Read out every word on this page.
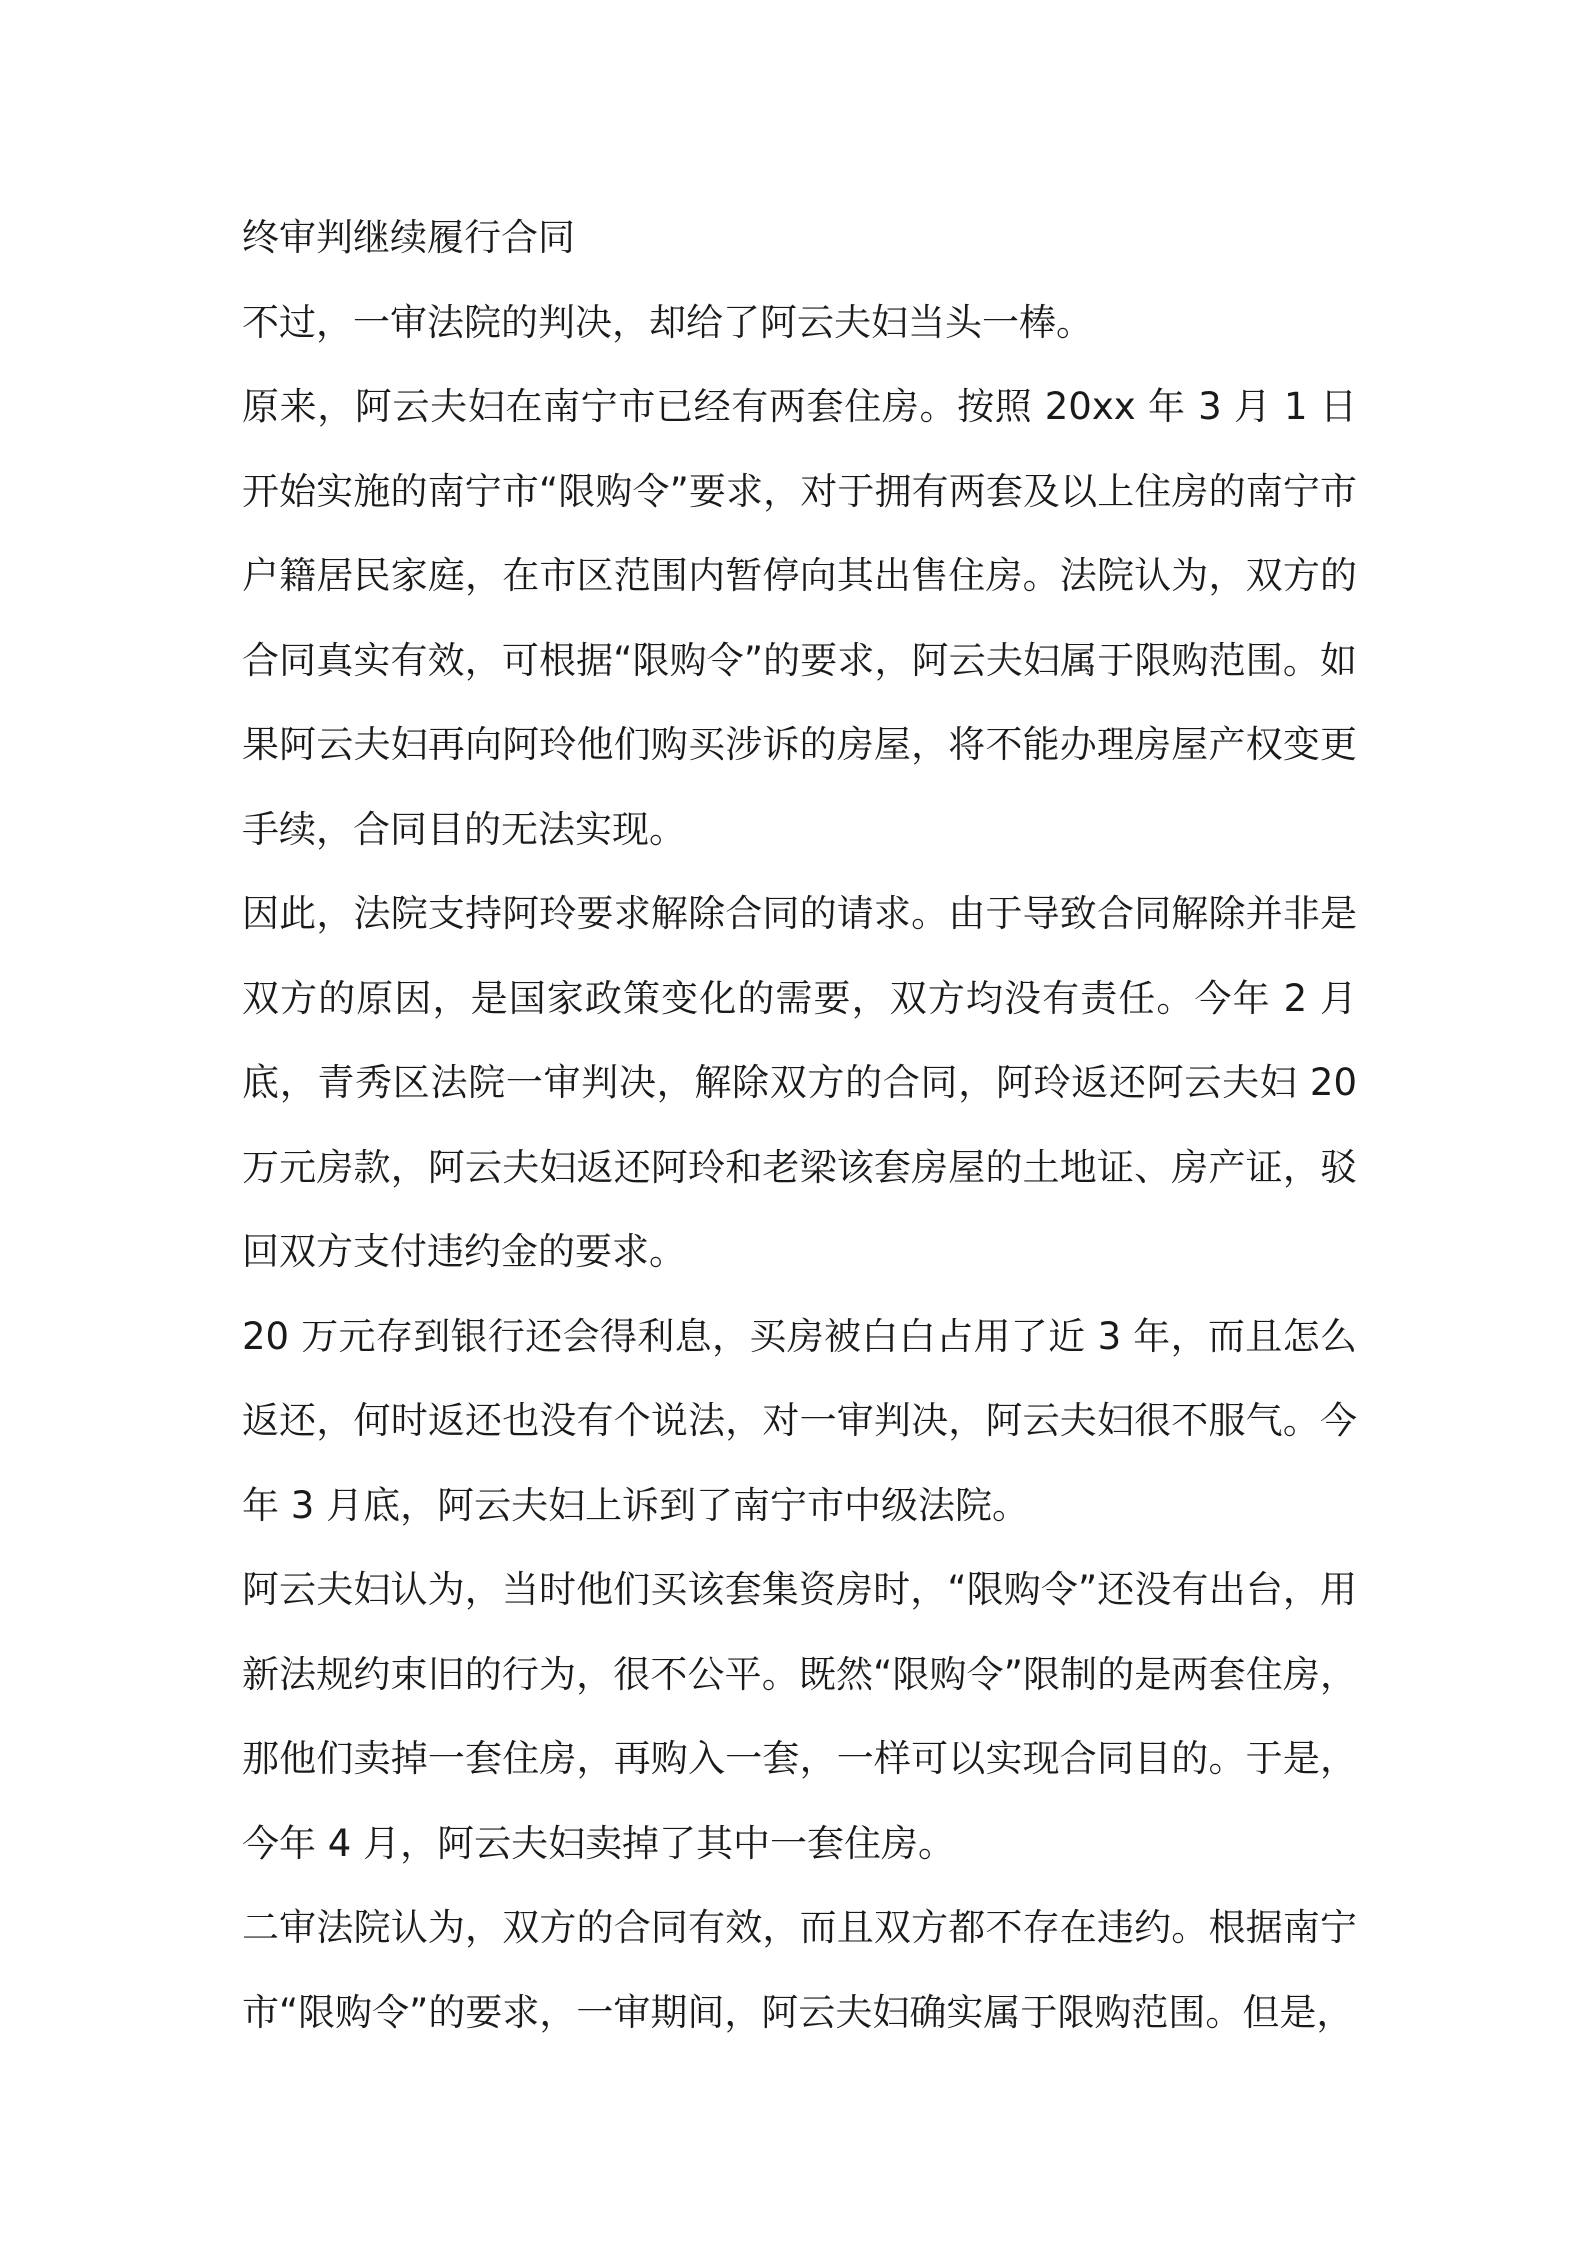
终审判继续履行合同

不过，一审法院的判决，却给了阿云夫妇当头一棒。

原来，阿云夫妇在南宁市已经有两套住房。按照 20xx 年 3 月 1 日开始实施的南宁市“限购令”要求，对于拥有两套及以上住房的南宁市户籍居民家庭，在市区范围内暂停向其出售住房。法院认为，双方的合同真实有效，可根据“限购令”的要求，阿云夫妇属于限购范围。如果阿云夫妇再向阿玲他们购买涉诉的房屋，将不能办理房屋产权变更手续，合同目的无法实现。

因此，法院支持阿玲要求解除合同的请求。由于导致合同解除并非是双方的原因，是国家政策变化的需要，双方均没有责任。今年 2 月底，青秀区法院一审判决，解除双方的合同，阿玲返还阿云夫妇 20 万元房款，阿云夫妇返还阿玲和老梁该套房屋的土地证、房产证，驳回双方支付违约金的要求。

20 万元存到银行还会得利息，买房被白白占用了近 3 年，而且怎么返还，何时返还也没有个说法，对一审判决，阿云夫妇很不服气。今年 3 月底，阿云夫妇上诉到了南宁市中级法院。

阿云夫妇认为，当时他们买该套集资房时，“限购令”还没有出台，用新法规约束旧的行为，很不公平。既然“限购令”限制的是两套住房，那他们卖掉一套住房，再购入一套，一样可以实现合同目的。于是，今年 4 月，阿云夫妇卖掉了其中一套住房。

二审法院认为，双方的合同有效，而且双方都不存在违约。根据南宁市“限购令”的要求，一审期间，阿云夫妇确实属于限购范围。但是，
